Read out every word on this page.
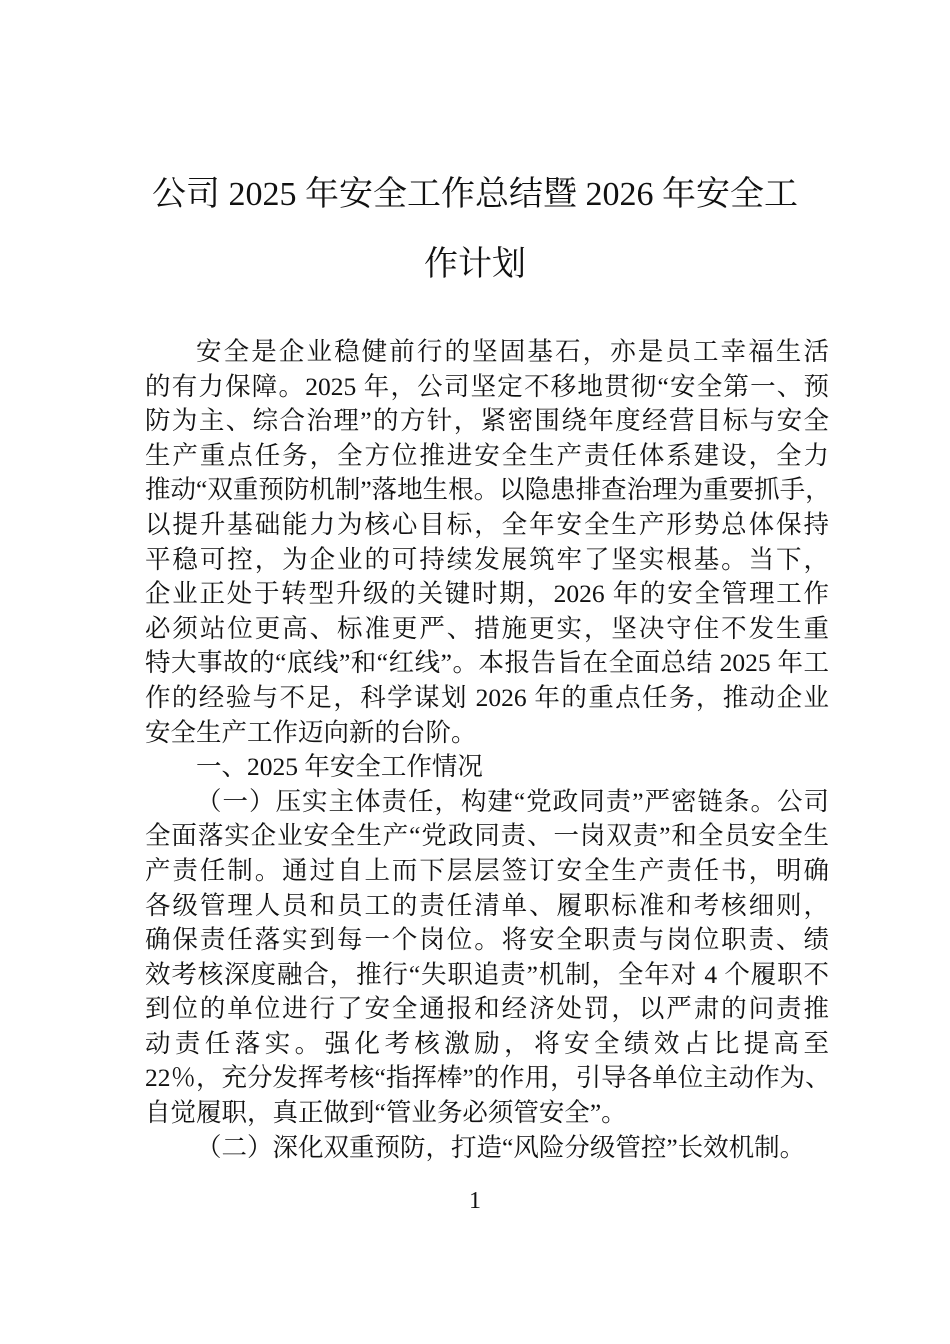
公司 2025 年安全工作总结暨 2026 年安全工
作计划
安全是企业稳健前行的坚固基石，亦是员工幸福生活
的有力保障。2025 年，公司坚定不移地贯彻“安全第一、预
防为主、综合治理”的方针，紧密围绕年度经营目标与安全
生产重点任务，全方位推进安全生产责任体系建设，全力
推动“双重预防机制”落地生根。以隐患排查治理为重要抓手，
以提升基础能力为核心目标，全年安全生产形势总体保持
平稳可控，为企业的可持续发展筑牢了坚实根基。当下，
企业正处于转型升级的关键时期，2026 年的安全管理工作
必须站位更高、标准更严、措施更实，坚决守住不发生重
特大事故的“底线”和“红线”。本报告旨在全面总结 2025 年工
作的经验与不足，科学谋划 2026 年的重点任务，推动企业
安全生产工作迈向新的台阶。
一、2025 年安全工作情况
（一）压实主体责任，构建“党政同责”严密链条。公司
全面落实企业安全生产“党政同责、一岗双责”和全员安全生
产责任制。通过自上而下层层签订安全生产责任书，明确
各级管理人员和员工的责任清单、履职标准和考核细则，
确保责任落实到每一个岗位。将安全职责与岗位职责、绩
效考核深度融合，推行“失职追责”机制，全年对 4 个履职不
到位的单位进行了安全通报和经济处罚，以严肃的问责推
动责任落实。强化考核激励，将安全绩效占比提高至
22％，充分发挥考核“指挥棒”的作用，引导各单位主动作为、
自觉履职，真正做到“管业务必须管安全”。
（二）深化双重预防，打造“风险分级管控”长效机制。
1
